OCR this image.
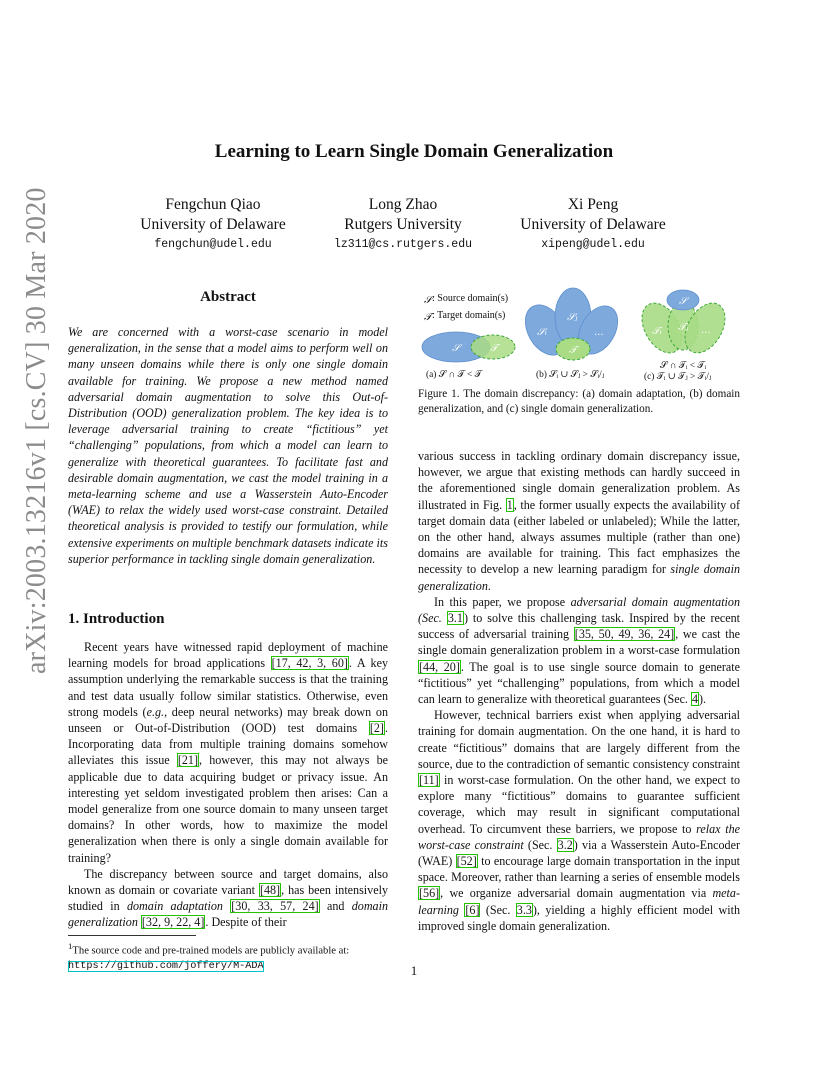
arXiv:2003.13216v1 [cs.CV] 30 Mar 2020
Learning to Learn Single Domain Generalization
Fengchun Qiao
University of Delaware
fengchun@udel.edu
Long Zhao
Rutgers University
lz311@cs.rutgers.edu
Xi Peng
University of Delaware
xipeng@udel.edu
Abstract

We are concerned with a worst-case scenario in model generalization, in the sense that a model aims to perform well on many unseen domains while there is only one single domain available for training. We propose a new method named adversarial domain augmentation to solve this Out-of-Distribution (OOD) generalization problem. The key idea is to leverage adversarial training to create “fictitious” yet “challenging” populations, from which a model can learn to generalize with theoretical guarantees. To facilitate fast and desirable domain augmentation, we cast the model training in a meta-learning scheme and use a Wasserstein Auto-Encoder (WAE) to relax the widely used worst-case constraint. Detailed theoretical analysis is provided to testify our formulation, while extensive experiments on multiple benchmark datasets indicate its superior performance in tackling single domain generalization.

1. Introduction

Recent years have witnessed rapid deployment of machine learning models for broad applications [17, 42, 3, 60]. A key assumption underlying the remarkable success is that the training and test data usually follow similar statistics. Otherwise, even strong models (e.g., deep neural networks) may break down on unseen or Out-of-Distribution (OOD) test domains [2]. Incorporating data from multiple training domains somehow alleviates this issue [21], however, this may not always be applicable due to data acquiring budget or privacy issue. An interesting yet seldom investigated problem then arises: Can a model generalize from one source domain to many unseen target domains? In other words, how to maximize the model generalization when there is only a single domain available for training?

The discrepancy between source and target domains, also known as domain or covariate variant [48], has been intensively studied in domain adaptation [30, 33, 57, 24] and domain generalization [32, 9, 22, 4]. Despite of their

$^1$The source code and pre-trained models are publicly available at:
https://github.com/joffery/M-ADA
𝒮
𝒯
𝒮	𝒯
𝒮ᵢ
𝒮ⱼ
...
𝒯
𝒮
𝒯ᵢ 𝒯ⱼ ...
: Source domain(s)
: Target domain(s)
(a) 𝒮 ∩ 𝒯 < 𝒯	(b) 𝒮ᵢ ∪ 𝒮ⱼ > 𝒮ᵢ/ⱼ
𝒮 ∩ 𝒯ᵢ < 𝒯ᵢ
(c) 𝒯ᵢ ∪ 𝒯ⱼ > 𝒯ᵢ/ⱼ
Figure 1. The domain discrepancy: (a) domain adaptation, (b) domain generalization, and (c) single domain generalization.

various success in tackling ordinary domain discrepancy issue, however, we argue that existing methods can hardly succeed in the aforementioned single domain generalization problem. As illustrated in Fig. 1, the former usually expects the availability of target domain data (either labeled or unlabeled); While the latter, on the other hand, always assumes multiple (rather than one) domains are available for training. This fact emphasizes the necessity to develop a new learning paradigm for single domain generalization.

In this paper, we propose adversarial domain augmentation (Sec. 3.1) to solve this challenging task. Inspired by the recent success of adversarial training [35, 50, 49, 36, 24], we cast the single domain generalization problem in a worst-case formulation [44, 20]. The goal is to use single source domain to generate “fictitious” yet “challenging” populations, from which a model can learn to generalize with theoretical guarantees (Sec. 4).

However, technical barriers exist when applying adversarial training for domain augmentation. On the one hand, it is hard to create “fictitious” domains that are largely different from the source, due to the contradiction of semantic consistency constraint [11] in worst-case formulation. On the other hand, we expect to explore many “fictitious” domains to guarantee sufficient coverage, which may result in significant computational overhead. To circumvent these barriers, we propose to relax the worst-case constraint (Sec. 3.2) via a Wasserstein Auto-Encoder (WAE) [52] to encourage large domain transportation in the input space. Moreover, rather than learning a series of ensemble models [56], we organize adversarial domain augmentation via meta-learning [6] (Sec. 3.3), yielding a highly efficient model with improved single domain generalization.

1
